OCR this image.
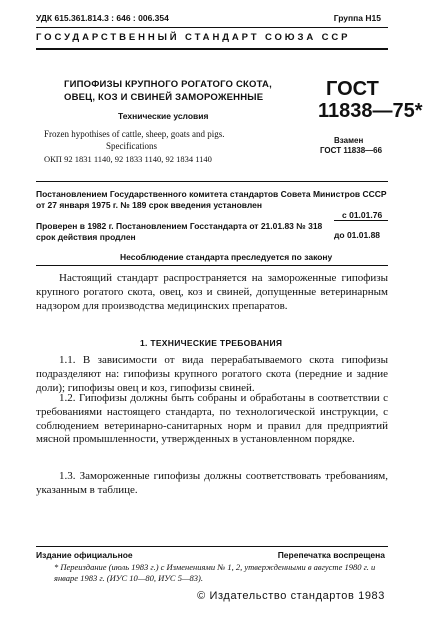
УДК 615.361.814.3 : 646 : 006.354	Группа Н15
ГОСУДАРСТВЕННЫЙ СТАНДАРТ СОЮЗА ССР
ГИПОФИЗЫ КРУПНОГО РОГАТОГО СКОТА,
ОВЕЦ, КОЗ И СВИНЕЙ ЗАМОРОЖЕННЫЕ
Технические условия
Frozen hypothises of cattle, sheep, goats and pigs.
Specifications
ОКП 92 1831 1140, 92 1833 1140, 92 1834 1140
ГОСТ
11838—75*
Взамен
ГОСТ 11838—66
Постановлением Государственного комитета стандартов Совета Министров СССР от 27 января 1975 г. № 189 срок введения установлен
с 01.01.76
Проверен в 1982 г. Постановлением Госстандарта от 21.01.83 № 318 срок действия продлен	до 01.01.88
Несоблюдение стандарта преследуется по закону
Настоящий стандарт распространяется на замороженные гипофизы крупного рогатого скота, овец, коз и свиней, допущенные ветеринарным надзором для производства медицинских препаратов.
1. ТЕХНИЧЕСКИЕ ТРЕБОВАНИЯ
1.1. В зависимости от вида перерабатываемого скота гипофизы подразделяют на: гипофизы крупного рогатого скота (передние и задние доли); гипофизы овец и коз, гипофизы свиней.
1.2. Гипофизы должны быть собраны и обработаны в соответствии с требованиями настоящего стандарта, по технологической инструкции, с соблюдением ветеринарно-санитарных норм и правил для предприятий мясной промышленности, утвержденных в установленном порядке.
1.3. Замороженные гипофизы должны соответствовать требованиям, указанным в таблице.
Издание официальное	Перепечатка воспрещена
* Переиздание (июль 1983 г.) с Изменениями № 1, 2, утвержденными в августе 1980 г. и январе 1983 г. (ИУС 10—80, ИУС 5—83).
© Издательство стандартов 1983
